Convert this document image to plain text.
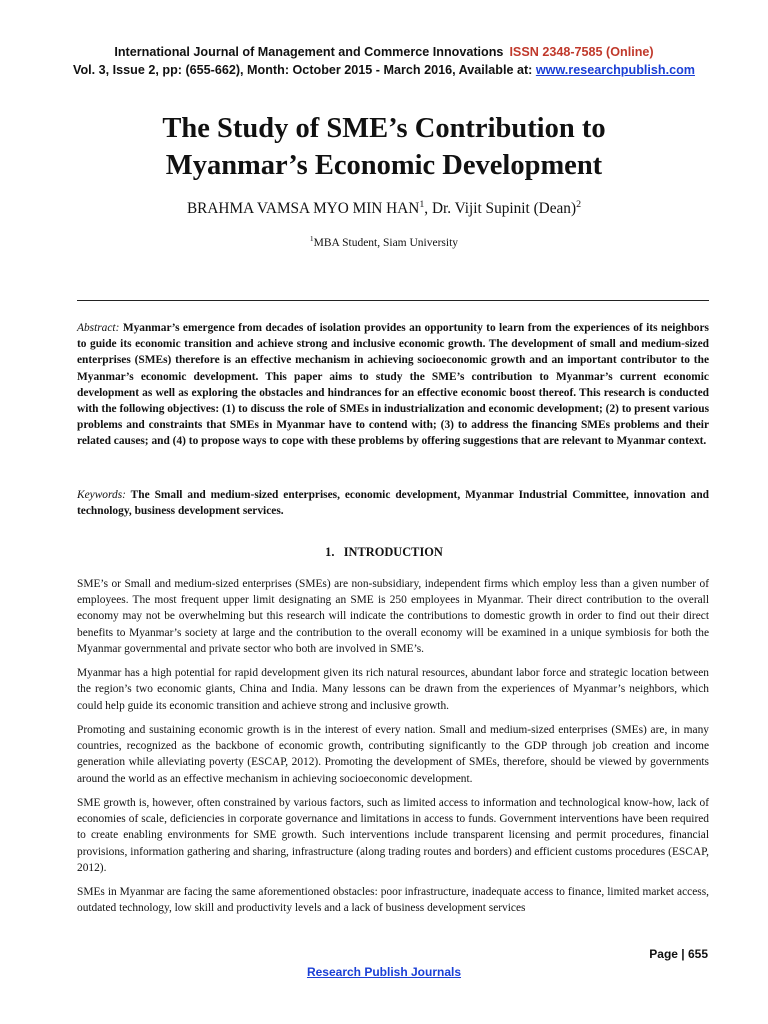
International Journal of Management and Commerce Innovations ISSN 2348-7585 (Online)
Vol. 3, Issue 2, pp: (655-662), Month: October 2015 - March 2016, Available at: www.researchpublish.com
The Study of SME’s Contribution to
Myanmar’s Economic Development
BRAHMA VAMSA MYO MIN HAN$^1$, Dr. Vijit Supinit (Dean)$^2$
$^1$MBA Student, Siam University
Abstract: Myanmar’s emergence from decades of isolation provides an opportunity to learn from the experiences of its neighbors to guide its economic transition and achieve strong and inclusive economic growth. The development of small and medium-sized enterprises (SMEs) therefore is an effective mechanism in achieving socioeconomic growth and an important contributor to the Myanmar’s economic development. This paper aims to study the SME’s contribution to Myanmar’s current economic development as well as exploring the obstacles and hindrances for an effective economic boost thereof. This research is conducted with the following objectives: (1) to discuss the role of SMEs in industrialization and economic development; (2) to present various problems and constraints that SMEs in Myanmar have to contend with; (3) to address the financing SMEs problems and their related causes; and (4) to propose ways to cope with these problems by offering suggestions that are relevant to Myanmar context.
Keywords: The Small and medium-sized enterprises, economic development, Myanmar Industrial Committee, innovation and technology, business development services.
1.   INTRODUCTION

SME’s or Small and medium-sized enterprises (SMEs) are non-subsidiary, independent firms which employ less than a given number of employees. The most frequent upper limit designating an SME is 250 employees in Myanmar. Their direct contribution to the overall economy may not be overwhelming but this research will indicate the contributions to domestic growth in order to find out their direct benefits to Myanmar’s society at large and the contribution to the overall economy will be examined in a unique symbiosis for both the Myanmar governmental and private sector who both are involved in SME’s.

Myanmar has a high potential for rapid development given its rich natural resources, abundant labor force and strategic location between the region’s two economic giants, China and India. Many lessons can be drawn from the experiences of Myanmar’s neighbors, which could help guide its economic transition and achieve strong and inclusive growth.

Promoting and sustaining economic growth is in the interest of every nation. Small and medium-sized enterprises (SMEs) are, in many countries, recognized as the backbone of economic growth, contributing significantly to the GDP through job creation and income generation while alleviating poverty (ESCAP, 2012). Promoting the development of SMEs, therefore, should be viewed by governments around the world as an effective mechanism in achieving socioeconomic development.

SME growth is, however, often constrained by various factors, such as limited access to information and technological know-how, lack of economies of scale, deficiencies in corporate governance and limitations in access to funds. Government interventions have been required to create enabling environments for SME growth. Such interventions include transparent licensing and permit procedures, financial provisions, information gathering and sharing, infrastructure (along trading routes and borders) and efficient customs procedures (ESCAP, 2012).

SMEs in Myanmar are facing the same aforementioned obstacles: poor infrastructure, inadequate access to finance, limited market access, outdated technology, low skill and productivity levels and a lack of business development services

Page | 655
Research Publish Journals
